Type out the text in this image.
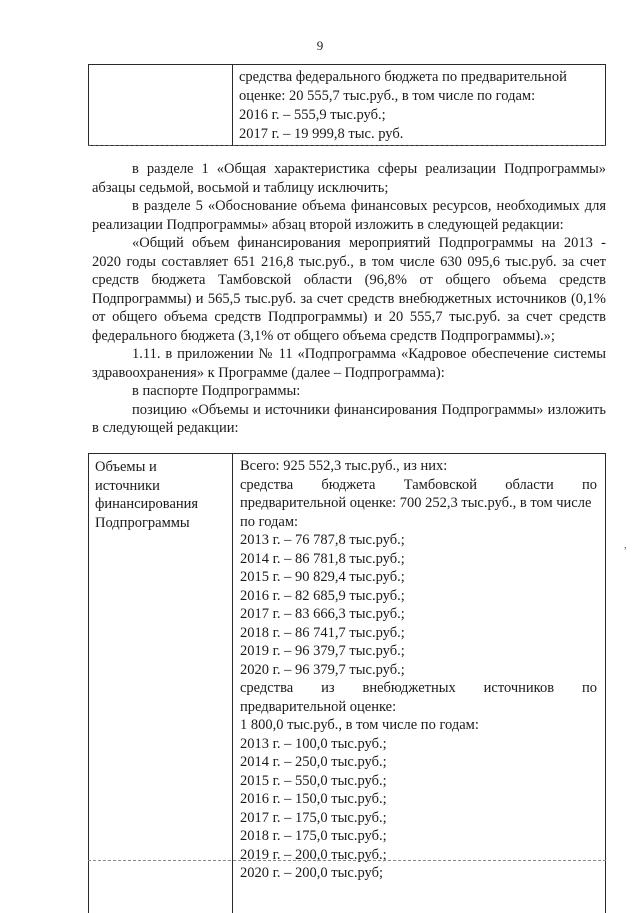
9
средства федерального бюджета по предварительной
оценке: 20 555,7 тыс.руб., в том числе по годам:
2016 г. – 555,9 тыс.руб.;
2017 г. – 19 999,8 тыс. руб.

в разделе 1 «Общая характеристика сферы реализации Подпрограммы» абзацы седьмой, восьмой и таблицу исключить;

в разделе 5 «Обоснование объема финансовых ресурсов, необходимых для реализации Подпрограммы» абзац второй изложить в следующей редакции:

«Общий объем финансирования мероприятий Подпрограммы на 2013 - 2020 годы составляет 651 216,8 тыс.руб., в том числе 630 095,6 тыс.руб. за счет средств бюджета Тамбовской области (96,8% от общего объема средств Подпрограммы) и 565,5 тыс.руб. за счет средств внебюджетных источников (0,1% от общего объема средств Подпрограммы) и 20 555,7 тыс.руб. за счет средств федерального бюджета (3,1% от общего объема средств Подпрограммы).»;

1.11. в приложении № 11 «Подпрограмма «Кадровое обеспечение системы здравоохранения» к Программе (далее – Подпрограмма):

в паспорте Подпрограммы:

позицию «Объемы и источники финансирования Подпрограммы» изложить в следующей редакции:

Объемы и
источники
финансирования
Подпрограммы
Всего: 925 552,3 тыс.руб., из них:
средства бюджета Тамбовской области по
предварительной оценке: 700 252,3 тыс.руб., в том числе
по годам:
2013 г. – 76 787,8 тыс.руб.;
2014 г. – 86 781,8 тыс.руб.;
2015 г. – 90 829,4 тыс.руб.;
2016 г. – 82 685,9 тыс.руб.;
2017 г. – 83 666,3 тыс.руб.;
2018 г. – 86 741,7 тыс.руб.;
2019 г. – 96 379,7 тыс.руб.;
2020 г. – 96 379,7 тыс.руб.;
средства из внебюджетных источников по
предварительной оценке:
1 800,0 тыс.руб., в том числе по годам:
2013 г. – 100,0 тыс.руб.;
2014 г. – 250,0 тыс.руб.;
2015 г. – 550,0 тыс.руб.;
2016 г. – 150,0 тыс.руб.;
2017 г. – 175,0 тыс.руб.;
2018 г. – 175,0 тыс.руб.;
2019 г. – 200,0 тыс.руб.;
2020 г. – 200,0 тыс.руб;
,
